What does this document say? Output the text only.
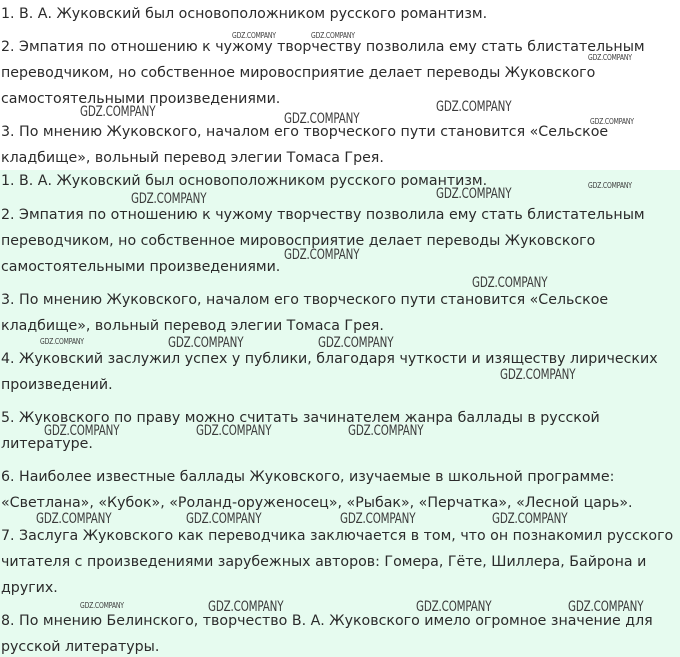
1. В. А. Жуковский был основоположником русского романтизм.
2. Эмпатия по отношению к чужому творчеству позволила ему стать блистательным
переводчиком, но собственное мировосприятие делает переводы Жуковского
самостоятельными произведениями.
3. По мнению Жуковского, началом его творческого пути становится «Сельское
кладбище», вольный перевод элегии Томаса Грея.
1. В. А. Жуковский был основоположником русского романтизм.
2. Эмпатия по отношению к чужому творчеству позволила ему стать блистательным
переводчиком, но собственное мировосприятие делает переводы Жуковского
самостоятельными произведениями.
3. По мнению Жуковского, началом его творческого пути становится «Сельское
кладбище», вольный перевод элегии Томаса Грея.
4. Жуковский заслужил успех у публики, благодаря чуткости и изяществу лирических
произведений.
5. Жуковского по праву можно считать зачинателем жанра баллады в русской
литературе.
6. Наиболее известные баллады Жуковского, изучаемые в школьной программе:
«Светлана», «Кубок», «Роланд-оруженосец», «Рыбак», «Перчатка», «Лесной царь».
7. Заслуга Жуковского как переводчика заключается в том, что он познакомил русского
читателя с произведениями зарубежных авторов: Гомера, Гёте, Шиллера, Байрона и
других.
8. По мнению Белинского, творчество В. А. Жуковского имело огромное значение для
русской литературы.
GDZ.COMPANY	GDZ.COMPANY
GDZ.COMPANY
GDZ.COMPANY
GDZ.COMPANY	GDZ.COMPANY	GDZ.COMPANY
GDZ.COMPANY
GDZ.COMPANY
GDZ.COMPANY
GDZ.COMPANY
GDZ.COMPANY
GDZ.COMPANY	GDZ.COMPANY	GDZ.COMPANY
GDZ.COMPANY
GDZ.COMPANY	GDZ.COMPANY	GDZ.COMPANY
GDZ.COMPANY	GDZ.COMPANY	GDZ.COMPANY	GDZ.COMPANY
GDZ.COMPANY	GDZ.COMPANY	GDZ.COMPANY	GDZ.COMPANY
